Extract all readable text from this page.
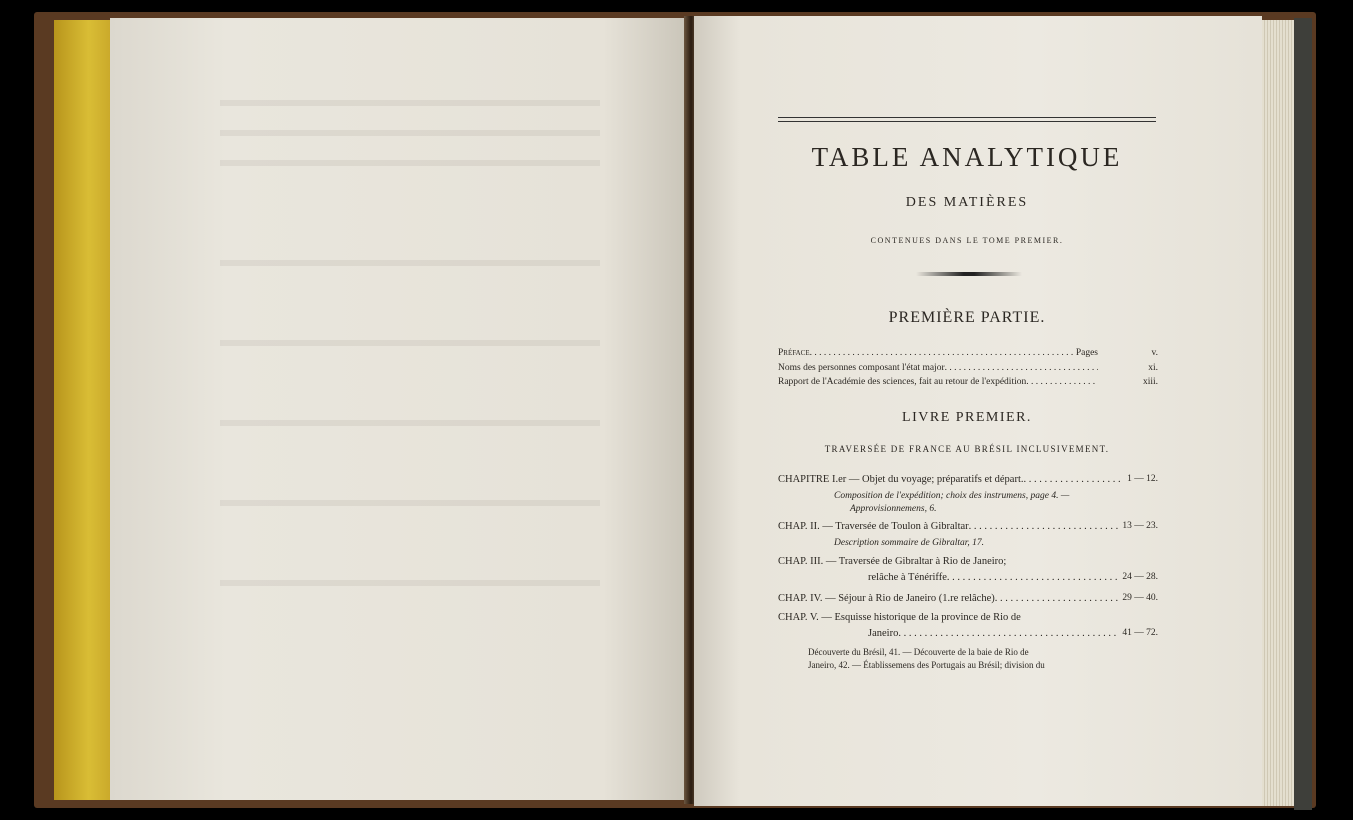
TABLE ANALYTIQUE
DES MATIÈRES
CONTENUES DANS LE TOME PREMIER.
PREMIÈRE PARTIE.
Préface . . .	Pages	v.
Noms des personnes composant l'état major . . .	xi.
Rapport de l'Académie des sciences, fait au retour de l'expédition . . .	xiii.
LIVRE PREMIER.
TRAVERSÉE DE FRANCE AU BRÉSIL INCLUSIVEMENT.
CHAPITRE I.er — Objet du voyage; préparatifs et départ. . . .	1 — 12.
Composition de l'expédition; choix des instrumens, page 4. —
Approvisionnemens, 6.
CHAP. II. — Traversée de Toulon à Gibraltar . . .	13 — 23.
Description sommaire de Gibraltar, 17.
CHAP. III. — Traversée de Gibraltar à Rio de Janeiro;
relâche à Ténériffe . . .	24 — 28.
CHAP. IV. — Séjour à Rio de Janeiro (1.re relâche) . . .	29 — 40.
CHAP. V. — Esquisse historique de la province de Rio de
Janeiro . . .	41 — 72.
Découverte du Brésil, 41. — Découverte de la baie de Rio de
Janeiro, 42. — Établissemens des Portugais au Brésil; division du
